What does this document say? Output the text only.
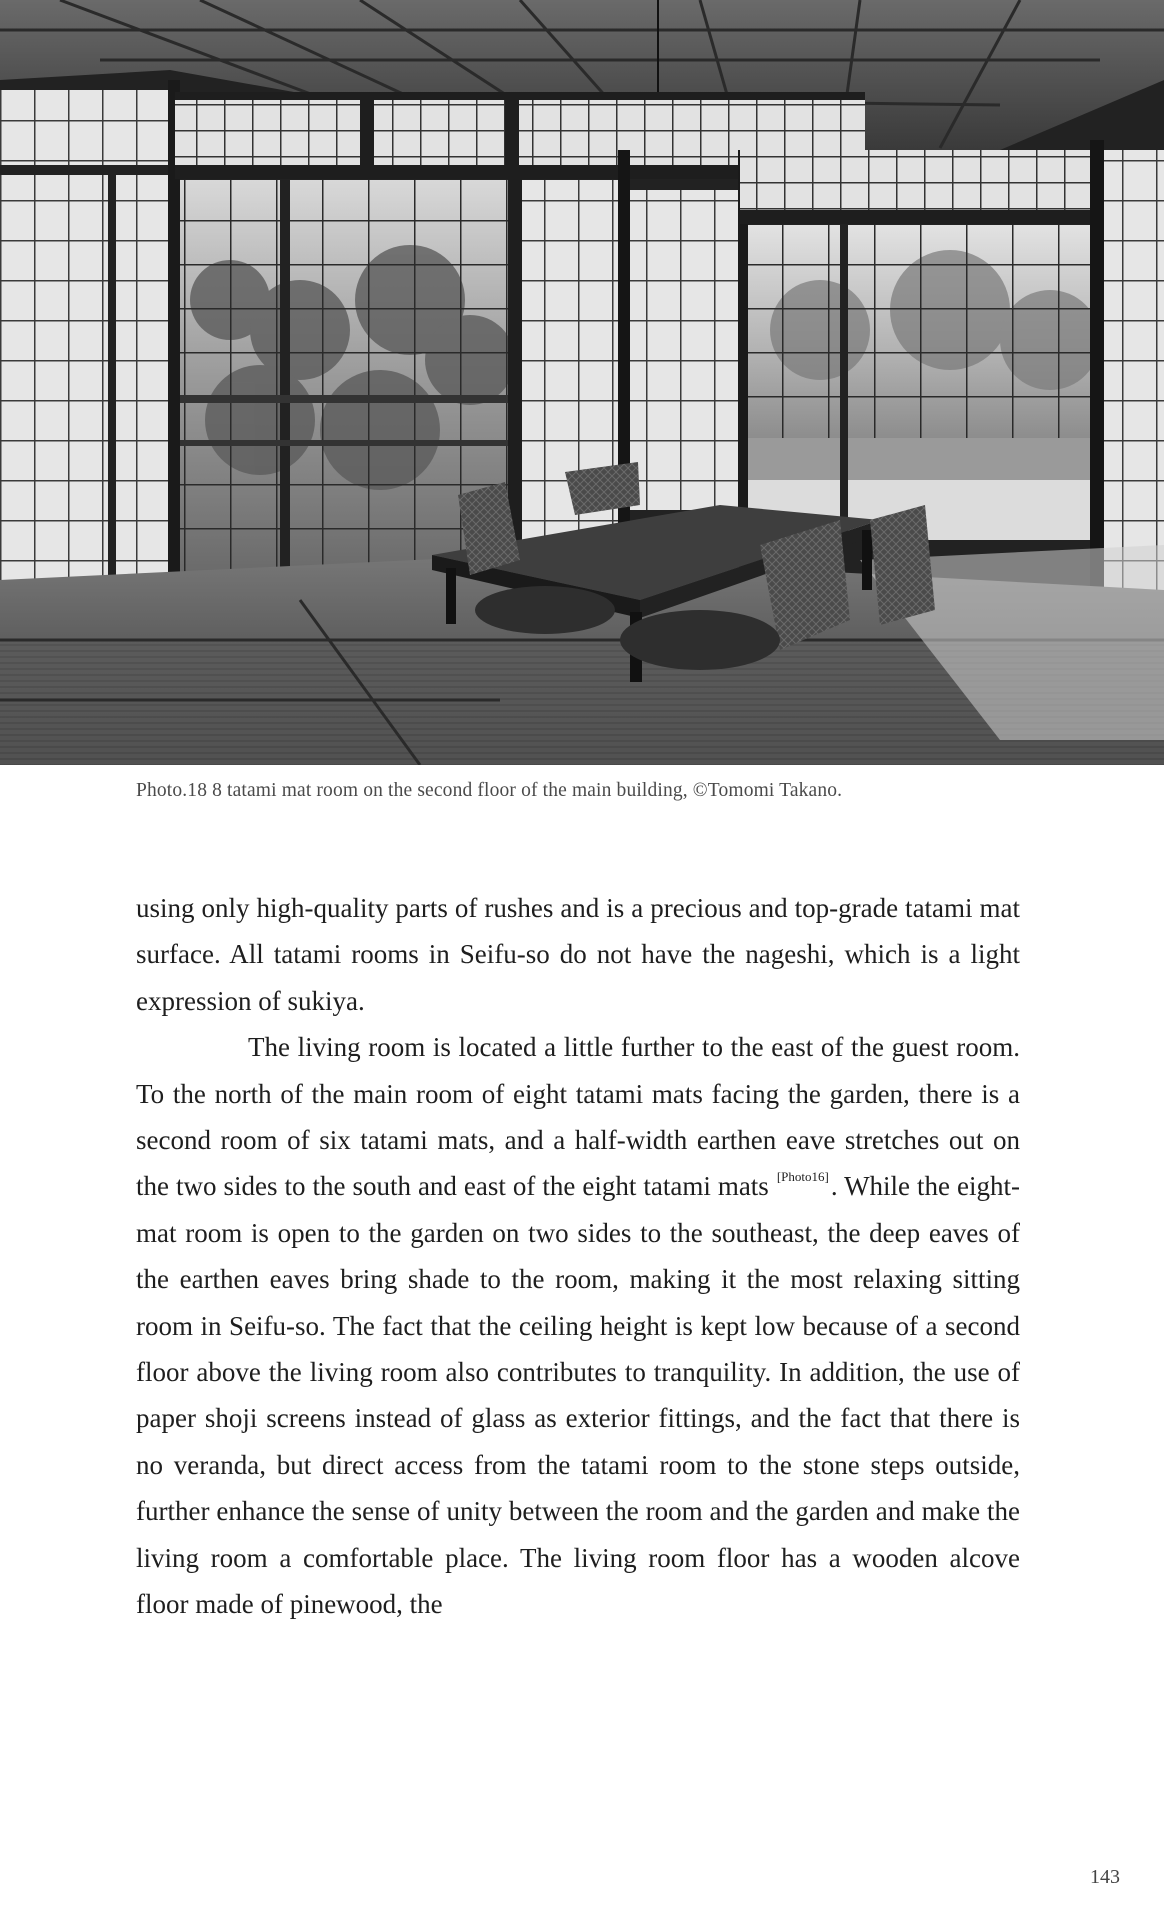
Photo.18 8 tatami mat room on the second floor of the main building, ©Tomomi Takano.

using only high-quality parts of rushes and is a precious and top-grade tatami mat surface. All tatami rooms in Seifu-so do not have the nageshi, which is a light expression of sukiya.

The living room is located a little further to the east of the guest room. To the north of the main room of eight tatami mats facing the garden, there is a second room of six tatami mats, and a half-width earthen eave stretches out on the two sides to the south and east of the eight tatami mats [Photo16]. While the eight-mat room is open to the garden on two sides to the southeast, the deep eaves of the earthen eaves bring shade to the room, making it the most relaxing sitting room in Seifu-so. The fact that the ceiling height is kept low because of a second floor above the living room also contributes to tranquility. In addition, the use of paper shoji screens instead of glass as exterior fittings, and the fact that there is no veranda, but direct access from the tatami room to the stone steps outside, further enhance the sense of unity between the room and the garden and make the living room a comfortable place. The living room floor has a wooden alcove floor made of pinewood, the

143
